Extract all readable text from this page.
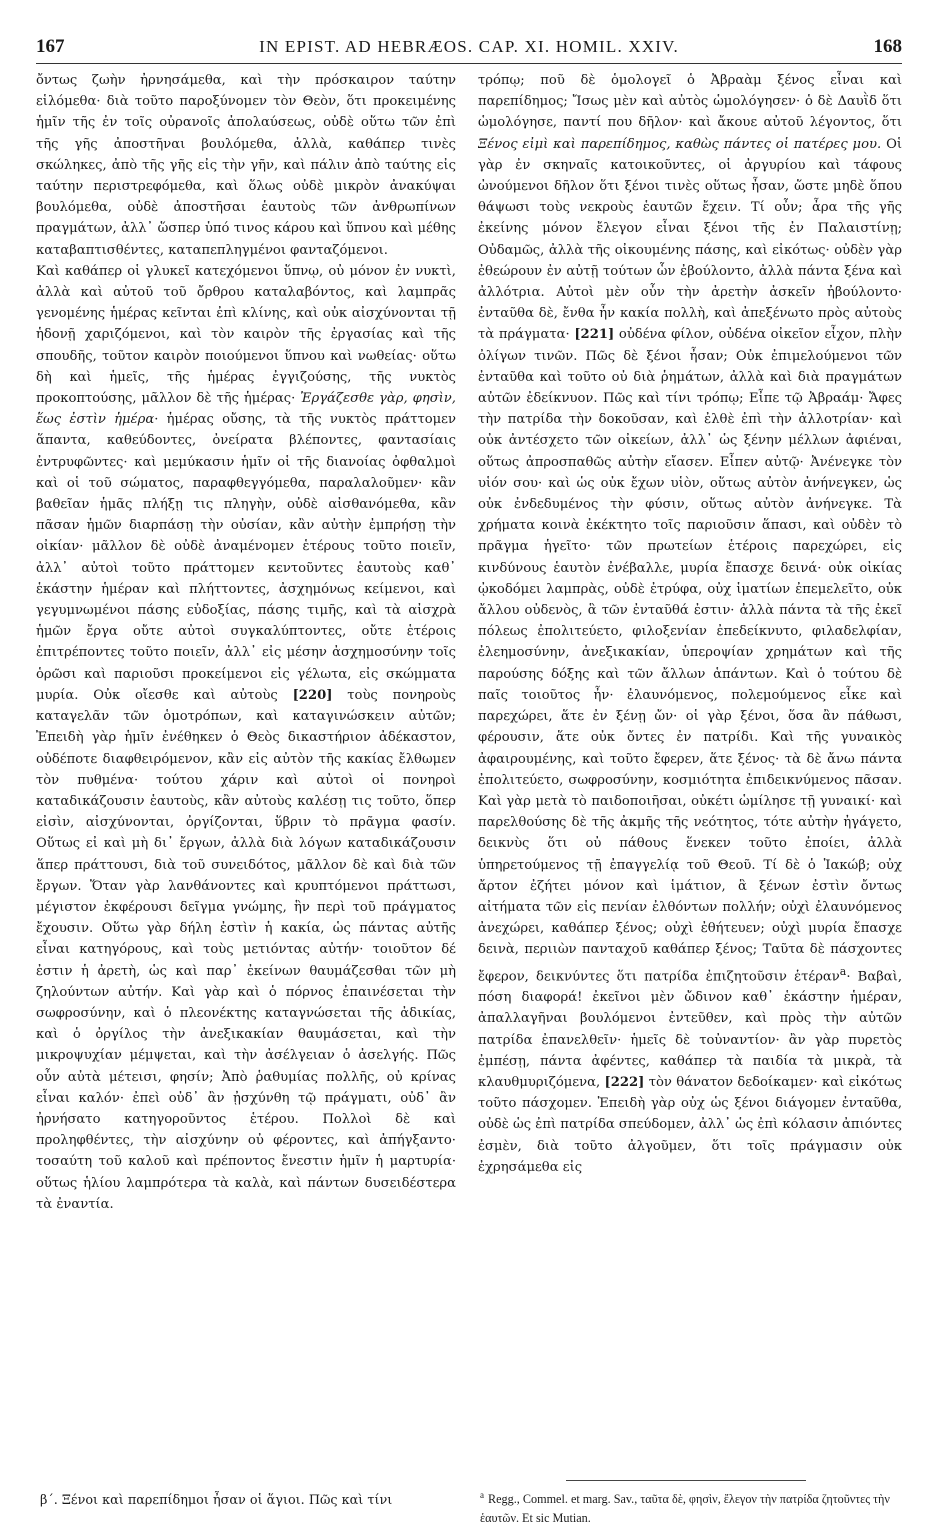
167	IN EPIST. AD HEBRÆOS. CAP. XI. HOMIL. XXIV.	168

ὄντως ζωὴν ἠρνησάμεθα, καὶ τὴν πρόσκαιρον ταύτην εἱλόμεθα· διὰ τοῦτο παροξύνομεν τὸν Θεὸν, ὅτι προκειμένης ἡμῖν τῆς ἐν τοῖς οὐρανοῖς ἀπολαύσεως, οὐδὲ οὕτω τῶν ἐπὶ τῆς γῆς ἀποστῆναι βουλόμεθα, ἀλλὰ, καθάπερ τινὲς σκώληκες, ἀπὸ τῆς γῆς εἰς τὴν γῆν, καὶ πάλιν ἀπὸ ταύτης εἰς ταύτην περιστρεφόμεθα, καὶ ὅλως οὐδὲ μικρὸν ἀνακύψαι βουλόμεθα, οὐδὲ ἀποστῆσαι ἑαυτοὺς τῶν ἀνθρωπίνων πραγμάτων, ἀλλ᾽ ὥσπερ ὑπό τινος κάρου καὶ ὕπνου καὶ μέθης καταβαπτισθέντες, καταπεπληγμένοι φανταζόμενοι.

Καὶ καθάπερ οἱ γλυκεῖ κατεχόμενοι ὕπνῳ, οὐ μόνον ἐν νυκτὶ, ἀλλὰ καὶ αὐτοῦ τοῦ ὄρθρου καταλαβόντος, καὶ λαμπρᾶς γενομένης ἡμέρας κεῖνται ἐπὶ κλίνης, καὶ οὐκ αἰσχύνονται τῇ ἡδονῇ χαριζόμενοι, καὶ τὸν καιρὸν τῆς ἐργασίας καὶ τῆς σπουδῆς, τοῦτον καιρὸν ποιούμενοι ὕπνου καὶ νωθείας· οὕτω δὴ καὶ ἡμεῖς, τῆς ἡμέρας ἐγγιζούσης, τῆς νυκτὸς προκοπτούσης, μᾶλλον δὲ τῆς ἡμέρας· Ἐργάζεσθε γὰρ, φησὶν, ἕως ἐστὶν ἡμέρα· ἡμέρας οὔσης, τὰ τῆς νυκτὸς πράττομεν ἅπαντα, καθεύδοντες, ὀνείρατα βλέποντες, φαντασίαις ἐντρυφῶντες· καὶ μεμύκασιν ἡμῖν οἱ τῆς διανοίας ὀφθαλμοὶ καὶ οἱ τοῦ σώματος, παραφθεγγόμεθα, παραλαλοῦμεν· κἂν βαθεῖαν ἡμᾶς πλήξῃ τις πληγὴν, οὐδὲ αἰσθανόμεθα, κἂν πᾶσαν ἡμῶν διαρπάσῃ τὴν οὐσίαν, κἂν αὐτὴν ἐμπρήσῃ τὴν οἰκίαν· μᾶλλον δὲ οὐδὲ ἀναμένομεν ἑτέρους τοῦτο ποιεῖν, ἀλλ᾽ αὐτοὶ τοῦτο πράττομεν κεντοῦντες ἑαυτοὺς καθ᾽ ἑκάστην ἡμέραν καὶ πλήττοντες, ἀσχημόνως κείμενοι, καὶ γεγυμνωμένοι πάσης εὐδοξίας, πάσης τιμῆς, καὶ τὰ αἰσχρὰ ἡμῶν ἔργα οὔτε αὐτοὶ συγκαλύπτοντες, οὔτε ἑτέροις ἐπιτρέποντες τοῦτο ποιεῖν, ἀλλ᾽ εἰς μέσην ἀσχημοσύνην τοῖς ὁρῶσι καὶ παριοῦσι προκείμενοι εἰς γέλωτα, εἰς σκώμματα μυρία. Οὐκ οἴεσθε καὶ αὐτοὺς [220] τοὺς πονηροὺς καταγελᾶν τῶν ὁμοτρόπων, καὶ καταγινώσκειν αὐτῶν; Ἐπειδὴ γὰρ ἡμῖν ἐνέθηκεν ὁ Θεὸς δικαστήριον ἀδέκαστον, οὐδέποτε διαφθειρόμενον, κἂν εἰς αὐτὸν τῆς κακίας ἔλθωμεν τὸν πυθμένα· τούτου χάριν καὶ αὐτοὶ οἱ πονηροὶ καταδικάζουσιν ἑαυτοὺς, κἂν αὐτοὺς καλέσῃ τις τοῦτο, ὅπερ εἰσὶν, αἰσχύνονται, ὀργίζονται, ὕβριν τὸ πρᾶγμα φασίν. Οὕτως εἰ καὶ μὴ δι᾽ ἔργων, ἀλλὰ διὰ λόγων καταδικάζουσιν ἅπερ πράττουσι, διὰ τοῦ συνειδότος, μᾶλλον δὲ καὶ διὰ τῶν ἔργων. Ὅταν γὰρ λανθάνοντες καὶ κρυπτόμενοι πράττωσι, μέγιστον ἐκφέρουσι δεῖγμα γνώμης, ἣν περὶ τοῦ πράγματος ἔχουσιν. Οὕτω γὰρ δήλη ἐστὶν ἡ κακία, ὡς πάντας αὐτῆς εἶναι κατηγόρους, καὶ τοὺς μετιόντας αὐτήν· τοιοῦτον δέ ἐστιν ἡ ἀρετὴ, ὡς καὶ παρ᾽ ἐκείνων θαυμάζεσθαι τῶν μὴ ζηλούντων αὐτήν. Καὶ γὰρ καὶ ὁ πόρνος ἐπαινέσεται τὴν σωφροσύνην, καὶ ὁ πλεονέκτης καταγνώσεται τῆς ἀδικίας, καὶ ὁ ὀργίλος τὴν ἀνεξικακίαν θαυμάσεται, καὶ τὴν μικροψυχίαν μέμψεται, καὶ τὴν ἀσέλγειαν ὁ ἀσελγής. Πῶς οὖν αὐτὰ μέτεισι, φησίν; Ἀπὸ ῥαθυμίας πολλῆς, οὐ κρίνας εἶναι καλόν· ἐπεὶ οὐδ᾽ ἂν ᾐσχύνθη τῷ πράγματι, οὐδ᾽ ἂν ἠρνήσατο κατηγοροῦντος ἑτέρου. Πολλοὶ δὲ καὶ προληφθέντες, τὴν αἰσχύνην οὐ φέροντες, καὶ ἀπήγξαντο· τοσαύτη τοῦ καλοῦ καὶ πρέποντος ἔνεστιν ἡμῖν ἡ μαρτυρία· οὕτως ἡλίου λαμπρότερα τὰ καλὰ, καὶ πάντων δυσειδέστερα τὰ ἐναντία.

β΄. Ξένοι καὶ παρεπίδημοι ἦσαν οἱ ἅγιοι. Πῶς καὶ τίνι

τρόπῳ; ποῦ δὲ ὁμολογεῖ ὁ Ἀβραὰμ ξένος εἶναι καὶ παρεπίδημος; Ἴσως μὲν καὶ αὐτὸς ὡμολόγησεν· ὁ δὲ Δαυῒδ ὅτι ὡμολόγησε, παντί που δῆλον· καὶ ἄκουε αὐτοῦ λέγοντος, ὅτι Ξένος εἰμὶ καὶ παρεπίδημος, καθὼς πάντες οἱ πατέρες μου. Οἱ γὰρ ἐν σκηναῖς κατοικοῦντες, οἱ ἀργυρίου καὶ τάφους ὠνούμενοι δῆλον ὅτι ξένοι τινὲς οὕτως ἦσαν, ὥστε μηδὲ ὅπου θάψωσι τοὺς νεκροὺς ἑαυτῶν ἔχειν. Τί οὖν; ἆρα τῆς γῆς ἐκείνης μόνον ἔλεγον εἶναι ξένοι τῆς ἐν Παλαιστίνῃ; Οὐδαμῶς, ἀλλὰ τῆς οἰκουμένης πάσης, καὶ εἰκότως· οὐδὲν γὰρ ἐθεώρουν ἐν αὐτῇ τούτων ὧν ἐβούλοντο, ἀλλὰ πάντα ξένα καὶ ἀλλότρια. Αὐτοὶ μὲν οὖν τὴν ἀρετὴν ἀσκεῖν ἠβούλοντο· ἐνταῦθα δὲ, ἔνθα ἦν κακία πολλὴ, καὶ ἀπεξένωτο πρὸς αὐτοὺς τὰ πράγματα· [221] οὐδένα φίλον, οὐδένα οἰκεῖον εἶχον, πλὴν ὀλίγων τινῶν. Πῶς δὲ ξένοι ἦσαν; Οὐκ ἐπιμελούμενοι τῶν ἐνταῦθα καὶ τοῦτο οὐ διὰ ῥημάτων, ἀλλὰ καὶ διὰ πραγμάτων αὐτῶν ἐδείκνυον. Πῶς καὶ τίνι τρόπῳ; Εἶπε τῷ Ἀβραάμ· Ἄφες τὴν πατρίδα τὴν δοκοῦσαν, καὶ ἐλθὲ ἐπὶ τὴν ἀλλοτρίαν· καὶ οὐκ ἀντέσχετο τῶν οἰκείων, ἀλλ᾽ ὡς ξένην μέλλων ἀφιέναι, οὕτως ἀπροσπαθῶς αὐτὴν εἴασεν. Εἶπεν αὐτῷ· Ἀνένεγκε τὸν υἱόν σου· καὶ ὡς οὐκ ἔχων υἱὸν, οὕτως αὐτὸν ἀνήνεγκεν, ὡς οὐκ ἐνδεδυμένος τὴν φύσιν, οὕτως αὐτὸν ἀνήνεγκε. Τὰ χρήματα κοινὰ ἐκέκτητο τοῖς παριοῦσιν ἅπασι, καὶ οὐδὲν τὸ πρᾶγμα ἡγεῖτο· τῶν πρωτείων ἑτέροις παρεχώρει, εἰς κινδύνους ἑαυτὸν ἐνέβαλλε, μυρία ἔπασχε δεινά· οὐκ οἰκίας ᾠκοδόμει λαμπρὰς, οὐδὲ ἐτρύφα, οὐχ ἱματίων ἐπεμελεῖτο, οὐκ ἄλλου οὐδενὸς, ἃ τῶν ἐνταῦθά ἐστιν· ἀλλὰ πάντα τὰ τῆς ἐκεῖ πόλεως ἐπολιτεύετο, φιλοξενίαν ἐπεδείκνυτο, φιλαδελφίαν, ἐλεημοσύνην, ἀνεξικακίαν, ὑπεροψίαν χρημάτων καὶ τῆς παρούσης δόξης καὶ τῶν ἄλλων ἁπάντων. Καὶ ὁ τούτου δὲ παῖς τοιοῦτος ἦν· ἐλαυνόμενος, πολεμούμενος εἶκε καὶ παρεχώρει, ἅτε ἐν ξένῃ ὤν· οἱ γὰρ ξένοι, ὅσα ἂν πάθωσι, φέρουσιν, ἅτε οὐκ ὄντες ἐν πατρίδι. Καὶ τῆς γυναικὸς ἀφαιρουμένης, καὶ τοῦτο ἔφερεν, ἅτε ξένος· τὰ δὲ ἄνω πάντα ἐπολιτεύετο, σωφροσύνην, κοσμιότητα ἐπιδεικνύμενος πᾶσαν. Καὶ γὰρ μετὰ τὸ παιδοποιῆσαι, οὐκέτι ὡμίλησε τῇ γυναικί· καὶ παρελθούσης δὲ τῆς ἀκμῆς τῆς νεότητος, τότε αὐτὴν ἠγάγετο, δεικνὺς ὅτι οὐ πάθους ἕνεκεν τοῦτο ἐποίει, ἀλλὰ ὑπηρετούμενος τῇ ἐπαγγελίᾳ τοῦ Θεοῦ. Τί δὲ ὁ Ἰακώβ; οὐχ ἄρτον ἐζήτει μόνον καὶ ἱμάτιον, ἃ ξένων ἐστὶν ὄντως αἰτήματα τῶν εἰς πενίαν ἐλθόντων πολλήν; οὐχὶ ἐλαυνόμενος ἀνεχώρει, καθάπερ ξένος; οὐχὶ ἐθήτευεν; οὐχὶ μυρία ἔπασχε δεινὰ, περιιὼν πανταχοῦ καθάπερ ξένος; Ταῦτα δὲ πάσχοντες ἔφερον, δεικνύντες ὅτι πατρίδα ἐπιζητοῦσιν ἑτέραν$^a$· Βαβαὶ, πόση διαφορά! ἐκεῖνοι μὲν ὤδινον καθ᾽ ἑκάστην ἡμέραν, ἀπαλλαγῆναι βουλόμενοι ἐντεῦθεν, καὶ πρὸς τὴν αὐτῶν πατρίδα ἐπανελθεῖν· ἡμεῖς δὲ τοὐναντίον· ἂν γὰρ πυρετὸς ἐμπέσῃ, πάντα ἀφέντες, καθάπερ τὰ παιδία τὰ μικρὰ, τὰ κλαυθμυριζόμενα, [222] τὸν θάνατον δεδοίκαμεν· καὶ εἰκότως τοῦτο πάσχομεν. Ἐπειδὴ γὰρ οὐχ ὡς ξένοι διάγομεν ἐνταῦθα, οὐδὲ ὡς ἐπὶ πατρίδα σπεύδομεν, ἀλλ᾽ ὡς ἐπὶ κόλασιν ἀπιόντες ἐσμὲν, διὰ τοῦτο ἀλγοῦμεν, ὅτι τοῖς πράγμασιν οὐκ ἐχρησάμεθα εἰς

$^a$ Regg., Commel. et marg. Sav., ταῦτα δὲ, φησὶν, ἔλεγον τὴν πατρίδα ζητοῦντες τὴν ἑαυτῶν. Et sic Mutian.
